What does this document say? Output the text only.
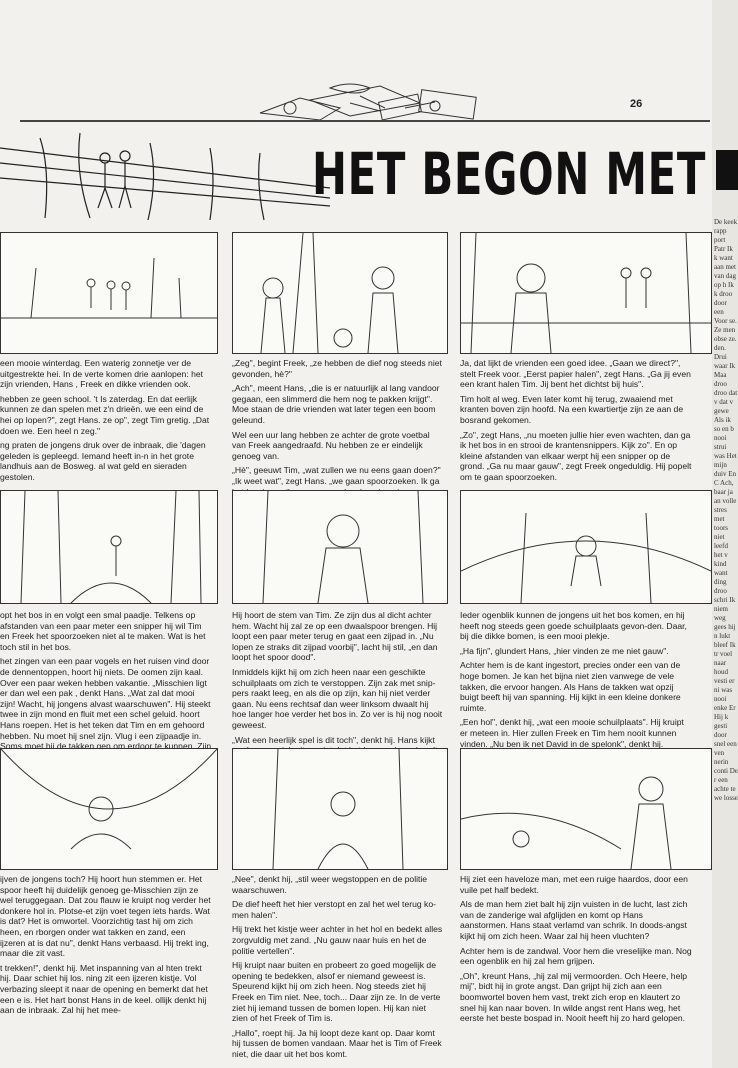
26
HET BEGON MET
een mooie winterdag. Een waterig zonnetje ver de uitgestrekte hei. In de verte komen drie aanlopen: het zijn vrienden, Hans , Freek en dikke vrienden ook.
hebben ze geen school. 't Is zaterdag. En dat eerlijk kunnen ze dan spelen met z'n drieën. we een eind de hei op lopen?", zegt Hans. ze op", zegt Tim gretig. „Dat doen we. Een heel n zeg."
ng praten de jongens druk over de inbraak, die 'dagen geleden is gepleegd. Iemand heeft in-n in het grote landhuis aan de Bosweg. al wat geld en sieraden gestolen.
„Zeg", begint Freek, „ze hebben de dief nog steeds niet gevonden, hè?"
„Ach", meent Hans, „die is er natuurlijk al lang vandoor gegaan, een slimmerd die hem nog te pakken krijgt". Moe staan de drie vrienden wat later tegen een boom geleund.
Wel een uur lang hebben ze achter de grote voetbal van Freek aangedraafd. Nu hebben ze er eindelijk genoeg van.
„Hè", geeuwt Tim, „wat zullen we nu eens gaan doen?" „Ik weet wat", zegt Hans. „we gaan spoorzoeken. Ik ga het bos in, en ik neem een zak vol papiersnippers mee, die ik achter mij aan strooi. Als de zak op is, verstop ik me en jullie moeten mij zoeken".
Ja, dat lijkt de vrienden een goed idee. „Gaan we direct?", stelt Freek voor. „Eerst papier halen", zegt Hans. „Ga jij even een krant halen Tim. Jij bent het dichtst bij huis".
Tim holt al weg. Even later komt hij terug, zwaaiend met kranten boven zijn hoofd. Na een kwartiertje zijn ze aan de bosrand gekomen.
„Zo", zegt Hans, „nu moeten jullie hier even wachten, dan ga ik het bos in en strooi de krantensnippers. Kijk zo". En op kleine afstanden van elkaar werpt hij een snipper op de grond. „Ga nu maar gauw", zegt Freek ongeduldig. Hij popelt om te gaan spoorzoeken.
opt het bos in en volgt een smal paadje. Telkens op afstanden van een paar meter een snipper hij wil Tim en Freek het spoorzoeken niet al te maken. Wat is het toch stil in het bos.
het zingen van een paar vogels en het ruisen vind door de dennentoppen, hoort hij niets. De oomen zijn kaal. Over een paar weken hebben vakantie. „Misschien ligt er dan wel een pak , denkt Hans. „Wat zal dat mooi zijn! Wacht, hij jongens alvast waarschuwen". Hij steekt twee in zijn mond en fluit met een schel geluid. hoort Hans roepen. Het is het teken dat Tim en em gehoord hebben. Nu moet hij snel zijn. Vlug i een zijpaadje in. Soms moet hij de takken gen om erdoor te kunnen. Zijn hart klopt van ng.
Hij hoort de stem van Tim. Ze zijn dus al dicht achter hem. Wacht hij zal ze op een dwaalspoor brengen. Hij loopt een paar meter terug en gaat een zijpad in. „Nu lopen ze straks dit zijpad voorbij", lacht hij stil, „en dan loopt het spoor dood".
Inmiddels kijkt hij om zich heen naar een geschikte schuilplaats om zich te verstoppen. Zijn zak met snip-pers raakt leeg, en als die op zijn, kan hij niet verder gaan. Nu eens rechtsaf dan weer linksom dwaalt hij hoe langer hoe verder het bos in. Zo ver is hij nog nooit geweest.
„Wat een heerlijk spel is dit toch", denkt hij. Hans kijkt verder voor zich uit en ziet dat het bos verder ophoudt. Nee, toch niet. Het is een grote open plek, die veel lager ligt dan de omgeving. Maar nu moet hij wel opschieten.
Ieder ogenblik kunnen de jongens uit het bos komen, en hij heeft nog steeds geen goede schuilplaats gevon-den. Daar, bij die dikke bomen, is een mooi plekje.
„Ha fijn", glundert Hans, „hier vinden ze me niet gauw".
Achter hem is de kant ingestort, precies onder een van de hoge bomen. Je kan het bijna niet zien vanwege de vele takken, die ervoor hangen. Als Hans de takken wat opzij buigt beeft hij van spanning. Hij kijkt in een kleine donkere ruimte.
„Een hol", denkt hij, „wat een mooie schuilplaats". Hij kruipt er meteen in. Hier zullen Freek en Tim hem nooit kunnen vinden. „Nu ben ik net David in de spelonk", denkt hij.
ijven de jongens toch? Hij hoort hun stemmen er. Het spoor heeft hij duidelijk genoeg ge-Misschien zijn ze wel teruggegaan. Dat zou flauw ie kruipt nog verder het donkere hol in. Plotse-et zijn voet tegen iets hards. Wat is dat? Het is omwortel. Voorzichtig tast hij om zich heen, en rborgen onder wat takken en zand, een ijzeren at is dat nu", denkt Hans verbaasd. Hij trekt ing, maar die zit vast.
t trekken!", denkt hij. Met inspanning van al hten trekt hij. Daar schiet hij los. ning zit een ijzeren kistje. Vol verbazing sleept it naar de opening en bemerkt dat het een e is. Het hart bonst Hans in de keel. ollijk denkt hij aan de inbraak. Zal hij het mee-
„Nee", denkt hij, „stil weer wegstoppen en de politie waarschuwen.
De dief heeft het hier verstopt en zal het wel terug ko-men halen".
Hij trekt het kistje weer achter in het hol en bedekt alles zorgvuldig met zand. „Nu gauw naar huis en het de politie vertellen".
Hij kruipt naar buiten en probeert zo goed mogelijk de opening te bedekken, alsof er niemand geweest is. Speurend kijkt hij om zich heen. Nog steeds ziet hij Freek en Tim niet. Nee, toch... Daar zijn ze. In de verte ziet hij iemand tussen de bomen lopen. Hij kan niet zien of het Freek of Tim is.
„Hallo", roept hij. Ja hij loopt deze kant op. Daar komt hij tussen de bomen vandaan. Maar het is Tim of Freek niet, die daar uit het bos komt.
Hij ziet een haveloze man, met een ruige haardos, door een vuile pet half bedekt.
Als de man hem ziet balt hij zijn vuisten in de lucht, last zich van de zanderige wal afglijden en komt op Hans aanstormen. Hans staat verlamd van schrik. In doods-angst kijkt hij om zich heen. Waar zal hij heen vluchten?
Achter hem is de zandwal. Voor hem die vreselijke man. Nog een ogenblik en hij zal hem grijpen.
„Oh", kreunt Hans, „hij zal mij vermoorden. Och Heere, help mij", bidt hij in grote angst. Dan grijpt hij zich aan een boomwortel boven hem vast, trekt zich erop en klautert zo snel hij kan naar boven. In wilde angst rent Hans weg, het eerste het beste bospad in. Nooit heeft hij zo hard gelopen.
De keek rapp port Patr Ik k want aan met van dag op h Ik k droo door een Voor se. Ze men obse ze. den. Drui waar Ik Maa droo droo dat v dat v gewe Als ik so en b nooi strui was Het mijn duiv En C Ach, baar ja an volle stres met toors niet leefd het v kind want ding droo schri Ik niem weg gees hij n lukt bleef Ik tr voel naar houd vesti er ni was nooi enke Er Hij k gesti door snel een ven nerin conti De r een achte te we losse
